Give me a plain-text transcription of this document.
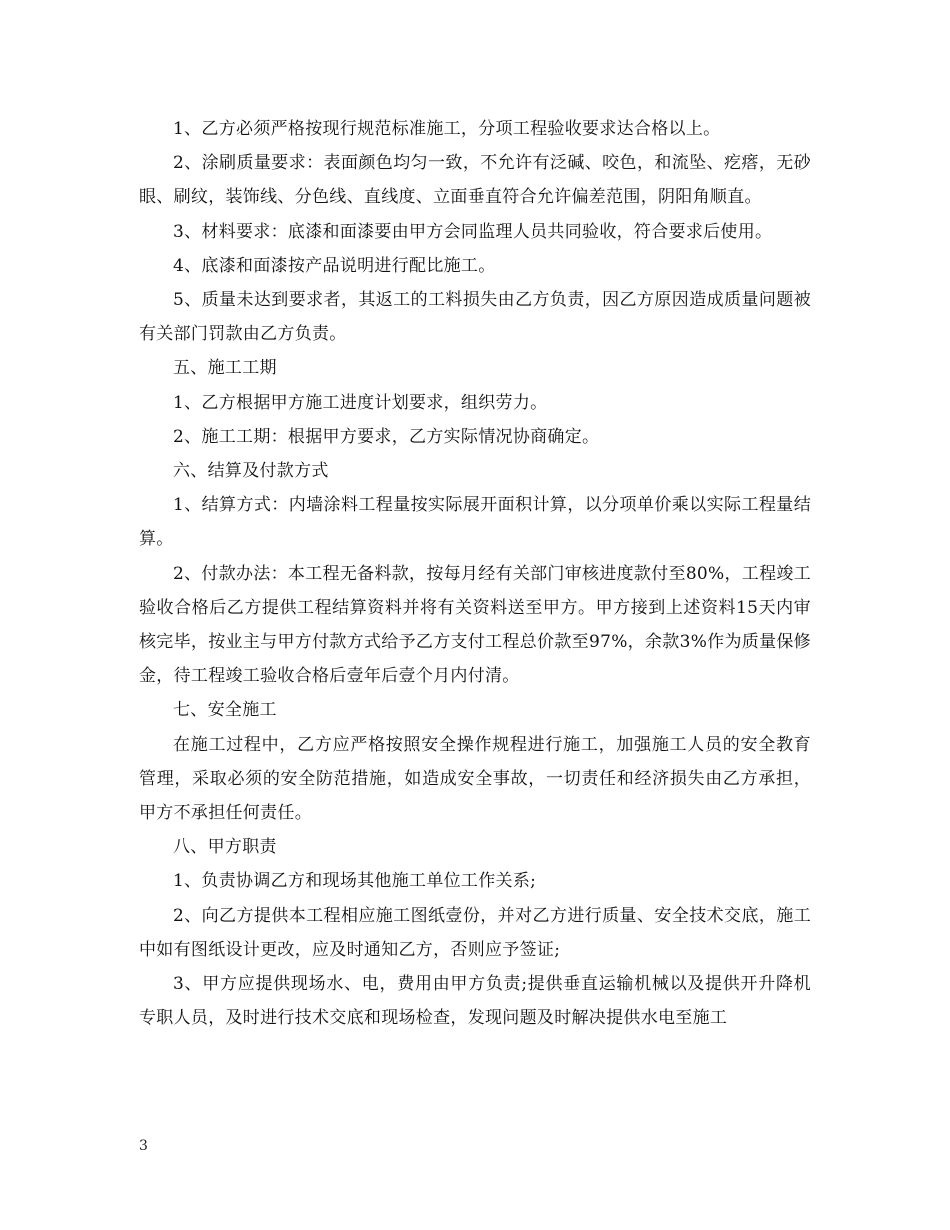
1、乙方必须严格按现行规范标准施工，分项工程验收要求达合格以上。

2、涂刷质量要求：表面颜色均匀一致，不允许有泛碱、咬色，和流坠、疙瘩，无砂眼、刷纹，装饰线、分色线、直线度、立面垂直符合允许偏差范围，阴阳角顺直。

3、材料要求：底漆和面漆要由甲方会同监理人员共同验收，符合要求后使用。

4、底漆和面漆按产品说明进行配比施工。

5、质量未达到要求者，其返工的工料损失由乙方负责，因乙方原因造成质量问题被有关部门罚款由乙方负责。

五、施工工期

1、乙方根据甲方施工进度计划要求，组织劳力。

2、施工工期：根据甲方要求，乙方实际情况协商确定。

六、结算及付款方式

1、结算方式：内墙涂料工程量按实际展开面积计算，以分项单价乘以实际工程量结算。

2、付款办法：本工程无备料款，按每月经有关部门审核进度款付至80%，工程竣工验收合格后乙方提供工程结算资料并将有关资料送至甲方。甲方接到上述资料15天内审核完毕，按业主与甲方付款方式给予乙方支付工程总价款至97%，余款3%作为质量保修金，待工程竣工验收合格后壹年后壹个月内付清。

七、安全施工

在施工过程中，乙方应严格按照安全操作规程进行施工，加强施工人员的安全教育管理，采取必须的安全防范措施，如造成安全事故，一切责任和经济损失由乙方承担，甲方不承担任何责任。

八、甲方职责

1、负责协调乙方和现场其他施工单位工作关系;

2、向乙方提供本工程相应施工图纸壹份，并对乙方进行质量、安全技术交底，施工中如有图纸设计更改，应及时通知乙方，否则应予签证;

3、甲方应提供现场水、电，费用由甲方负责;提供垂直运输机械以及提供开升降机专职人员，及时进行技术交底和现场检查，发现问题及时解决提供水电至施工

3
